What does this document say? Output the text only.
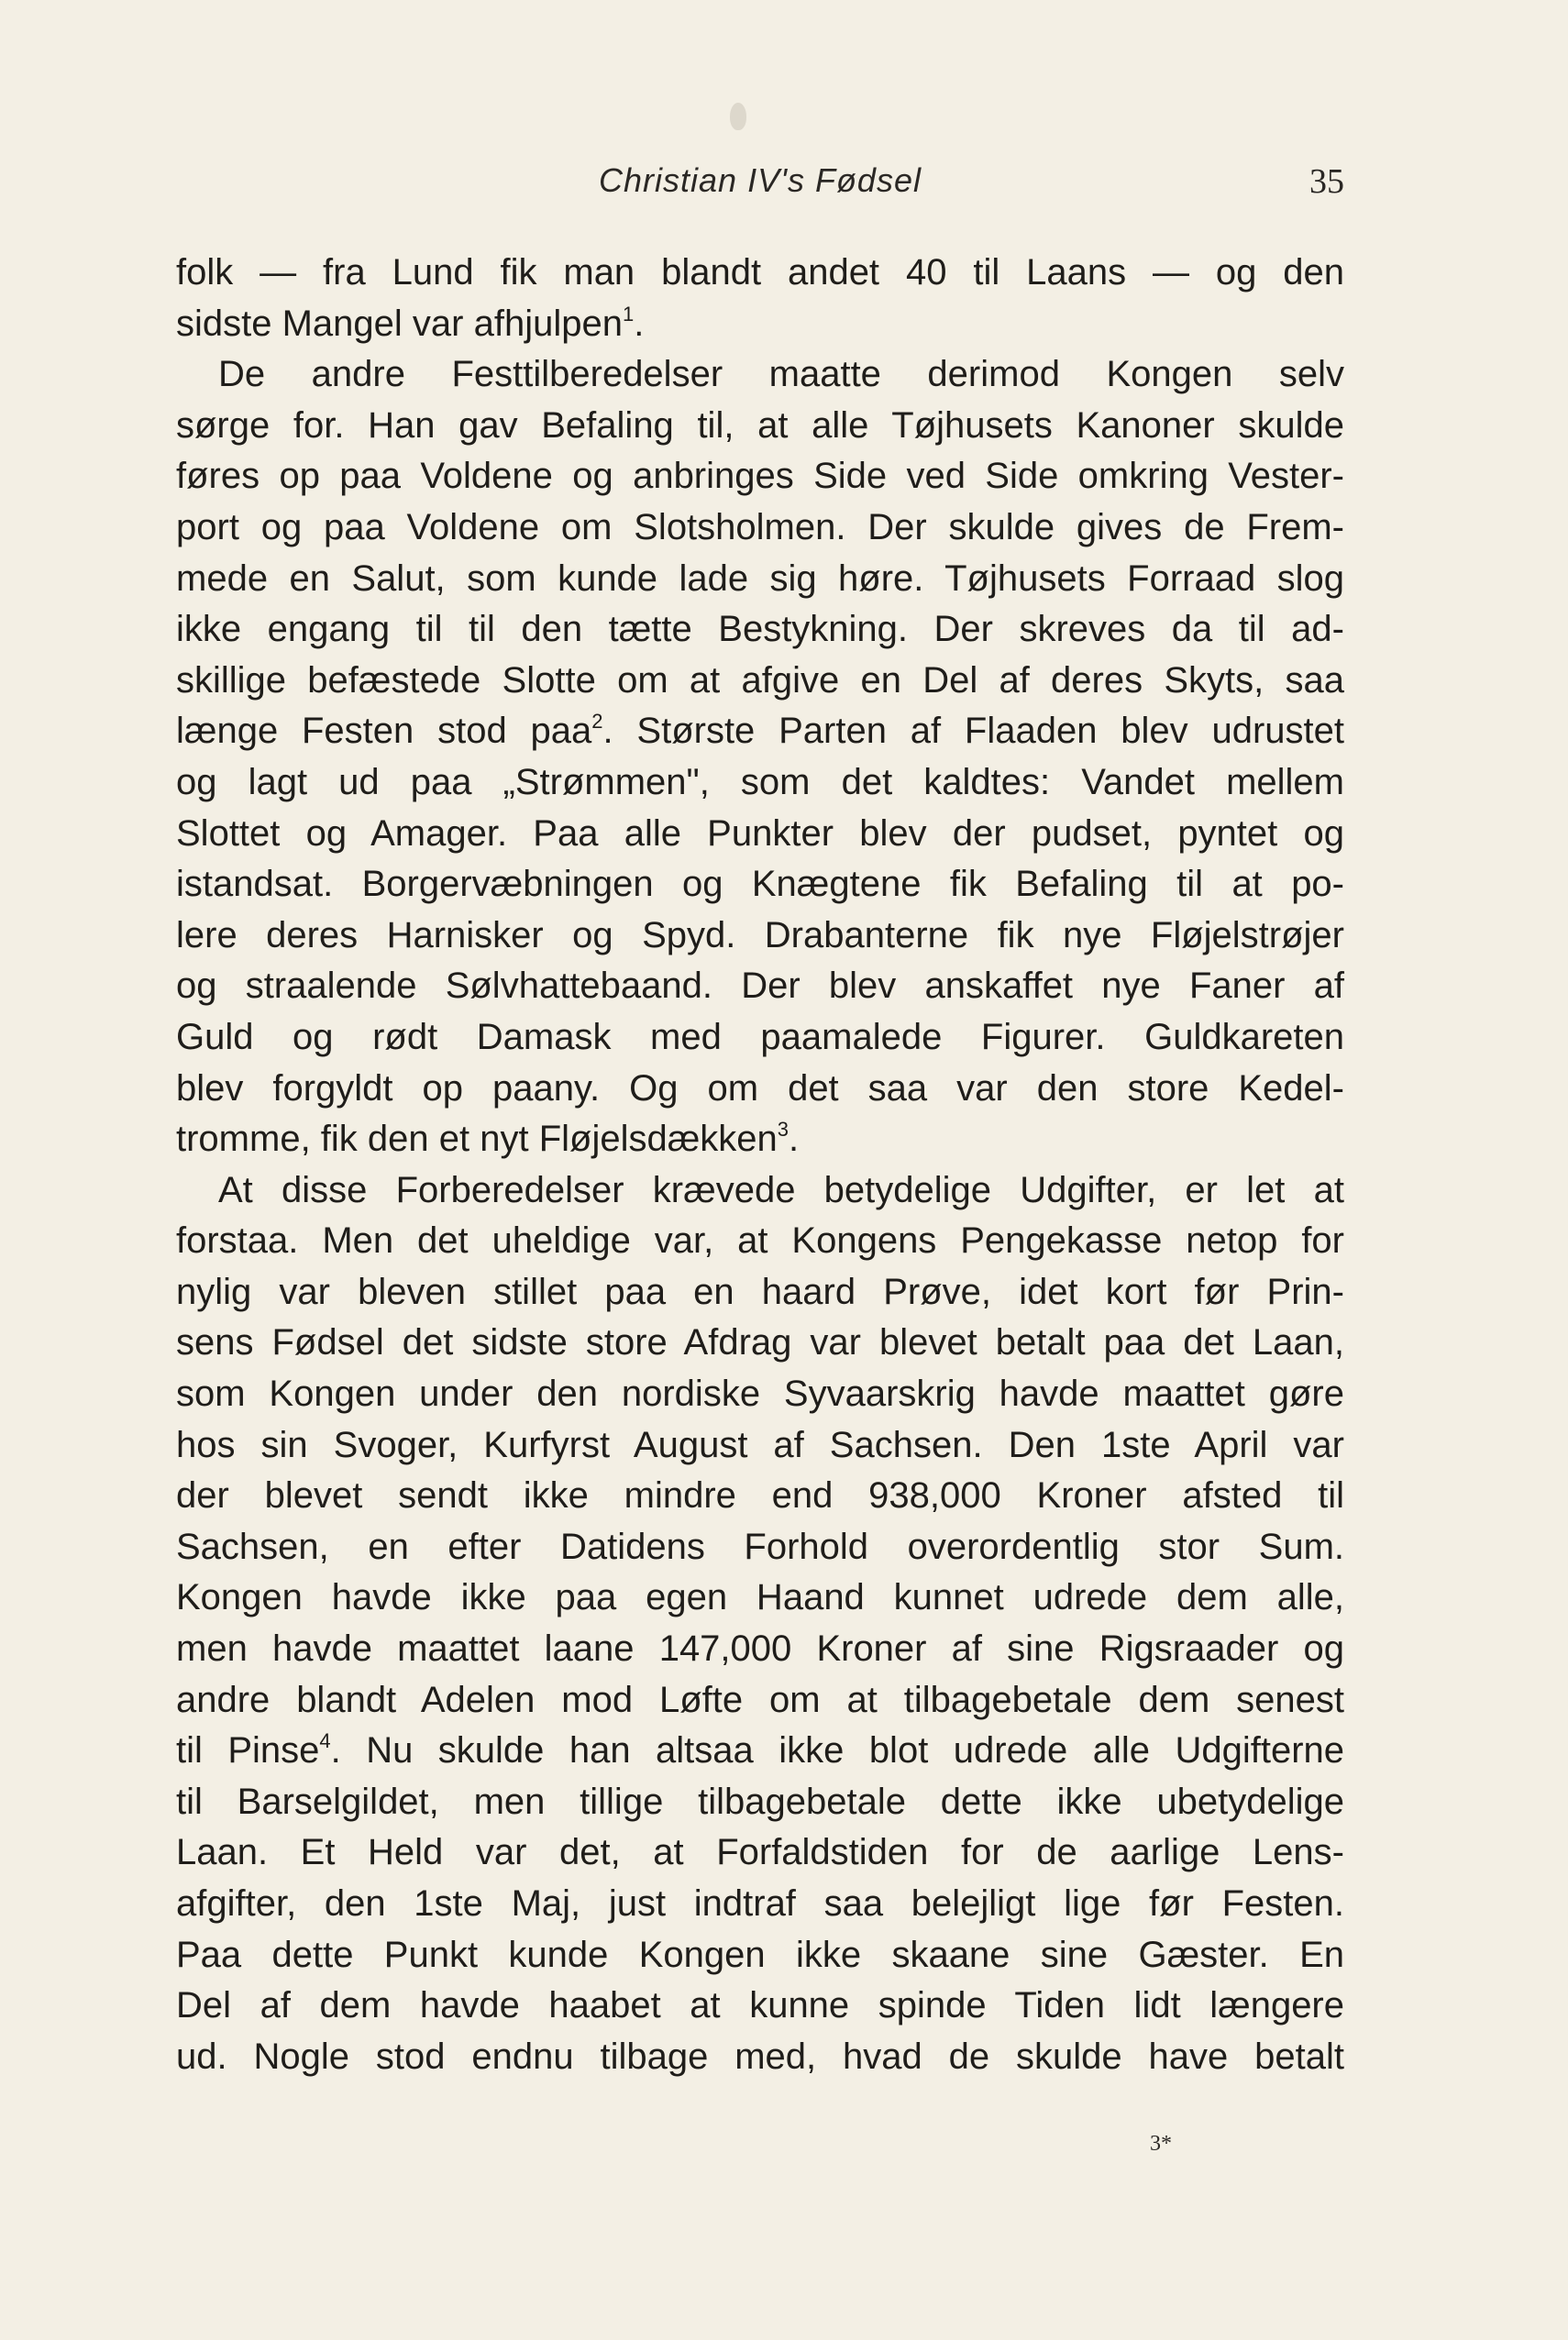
Christian IV's Fødsel	35
folk — fra Lund fik man blandt andet 40 til Laans — og den
sidste Mangel var afhjulpen$^1$.
De andre Festtilberedelser maatte derimod Kongen selv
sørge for. Han gav Befaling til, at alle Tøjhusets Kanoner skulde
føres op paa Voldene og anbringes Side ved Side omkring Vester-
port og paa Voldene om Slotsholmen. Der skulde gives de Frem-
mede en Salut, som kunde lade sig høre. Tøjhusets Forraad slog
ikke engang til til den tætte Bestykning. Der skreves da til ad-
skillige befæstede Slotte om at afgive en Del af deres Skyts, saa
længe Festen stod paa$^2$. Største Parten af Flaaden blev udrustet
og lagt ud paa „Strømmen", som det kaldtes: Vandet mellem
Slottet og Amager. Paa alle Punkter blev der pudset, pyntet og
istandsat. Borgervæbningen og Knægtene fik Befaling til at po-
lere deres Harnisker og Spyd. Drabanterne fik nye Fløjelstrøjer
og straalende Sølvhattebaand. Der blev anskaffet nye Faner af
Guld og rødt Damask med paamalede Figurer. Guldkareten
blev forgyldt op paany. Og om det saa var den store Kedel-
tromme, fik den et nyt Fløjelsdækken$^3$.
At disse Forberedelser krævede betydelige Udgifter, er let at
forstaa. Men det uheldige var, at Kongens Pengekasse netop for
nylig var bleven stillet paa en haard Prøve, idet kort før Prin-
sens Fødsel det sidste store Afdrag var blevet betalt paa det Laan,
som Kongen under den nordiske Syvaarskrig havde maattet gøre
hos sin Svoger, Kurfyrst August af Sachsen. Den 1ste April var
der blevet sendt ikke mindre end 938,000 Kroner afsted til
Sachsen, en efter Datidens Forhold overordentlig stor Sum.
Kongen havde ikke paa egen Haand kunnet udrede dem alle,
men havde maattet laane 147,000 Kroner af sine Rigsraader og
andre blandt Adelen mod Løfte om at tilbagebetale dem senest
til Pinse$^4$. Nu skulde han altsaa ikke blot udrede alle Udgifterne
til Barselgildet, men tillige tilbagebetale dette ikke ubetydelige
Laan. Et Held var det, at Forfaldstiden for de aarlige Lens-
afgifter, den 1ste Maj, just indtraf saa belejligt lige før Festen.
Paa dette Punkt kunde Kongen ikke skaane sine Gæster. En
Del af dem havde haabet at kunne spinde Tiden lidt længere
ud. Nogle stod endnu tilbage med, hvad de skulde have betalt
3*
